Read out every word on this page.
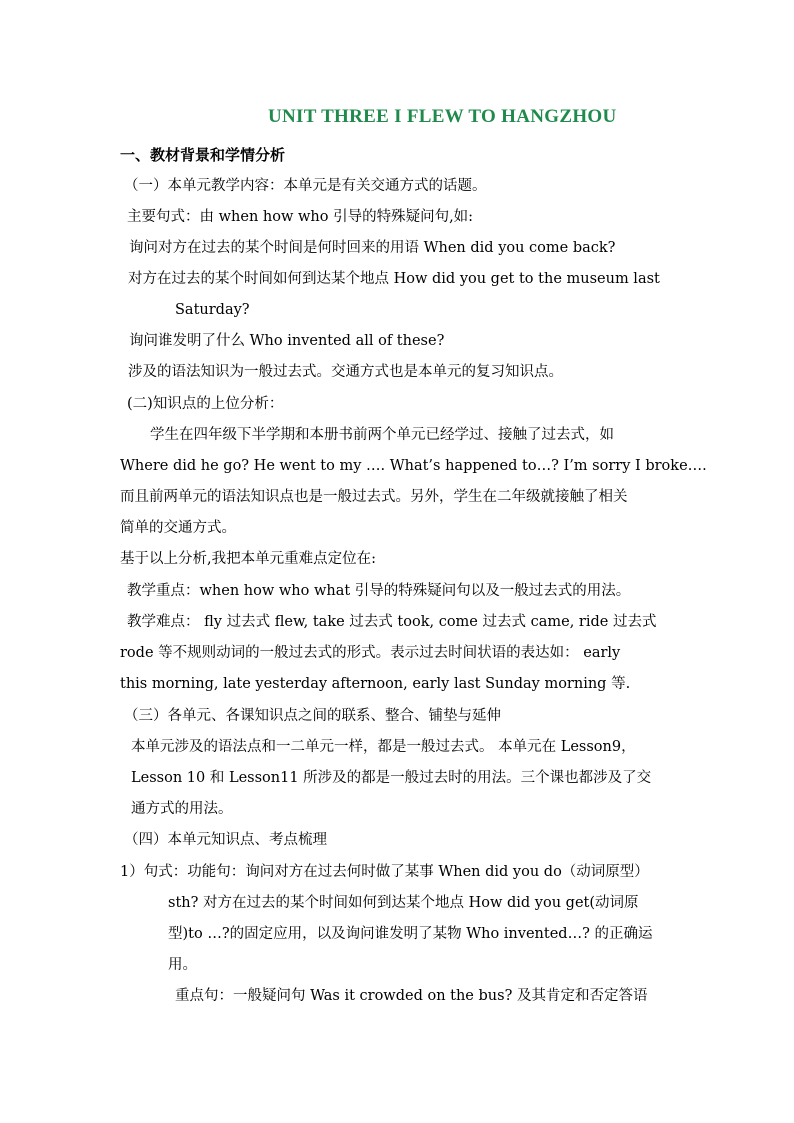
UNIT THREE I FLEW TO HANGZHOU
一、教材背景和学情分析
（一）本单元教学内容：本单元是有关交通方式的话题。
主要句式：由 when how who 引导的特殊疑问句,如:
询问对方在过去的某个时间是何时回来的用语 When did you come back?
对方在过去的某个时间如何到达某个地点 How did you get to the museum last
Saturday?
询问谁发明了什么 Who invented all of these?
涉及的语法知识为一般过去式。交通方式也是本单元的复习知识点。
(二)知识点的上位分析：
学生在四年级下半学期和本册书前两个单元已经学过、接触了过去式，如
Where did he go? He went to my …. What’s happened to…? I’m sorry I broke….
而且前两单元的语法知识点也是一般过去式。另外，学生在二年级就接触了相关
简单的交通方式。
基于以上分析,我把本单元重难点定位在:
教学重点：when how who what 引导的特殊疑问句以及一般过去式的用法。
教学难点： fly 过去式 flew, take 过去式 took, come 过去式 came, ride 过去式
rode 等不规则动词的一般过去式的形式。表示过去时间状语的表达如： early
this morning, late yesterday afternoon, early last Sunday morning 等.
（三）各单元、各课知识点之间的联系、整合、铺垫与延伸
本单元涉及的语法点和一二单元一样，都是一般过去式。 本单元在 Lesson9，
Lesson 10 和 Lesson11 所涉及的都是一般过去时的用法。三个课也都涉及了交
通方式的用法。
（四）本单元知识点、考点梳理
1）句式：功能句：询问对方在过去何时做了某事 When did you do（动词原型）
sth? 对方在过去的某个时间如何到达某个地点 How did you get(动词原
型)to …?的固定应用，以及询问谁发明了某物 Who invented…? 的正确运
用。
重点句：一般疑问句 Was it crowded on the bus? 及其肯定和否定答语
